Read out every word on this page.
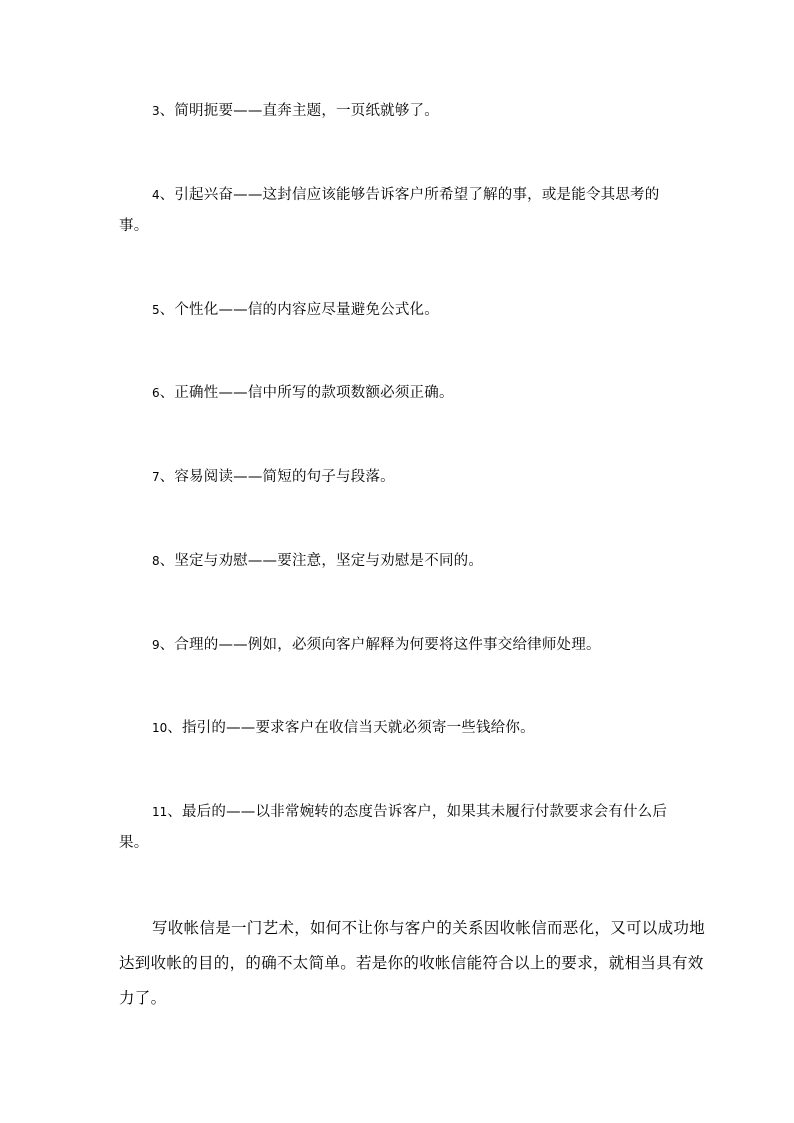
3、简明扼要——直奔主题，一页纸就够了。

4、引起兴奋——这封信应该能够告诉客户所希望了解的事，或是能令其思考的事。

5、个性化——信的内容应尽量避免公式化。

6、正确性——信中所写的款项数额必须正确。

7、容易阅读——简短的句子与段落。

8、坚定与劝慰——要注意，坚定与劝慰是不同的。

9、合理的——例如，必须向客户解释为何要将这件事交给律师处理。

10、指引的——要求客户在收信当天就必须寄一些钱给你。

11、最后的——以非常婉转的态度告诉客户，如果其未履行付款要求会有什么后果。

写收帐信是一门艺术，如何不让你与客户的关系因收帐信而恶化，又可以成功地达到收帐的目的，的确不太简单。若是你的收帐信能符合以上的要求，就相当具有效力了。
